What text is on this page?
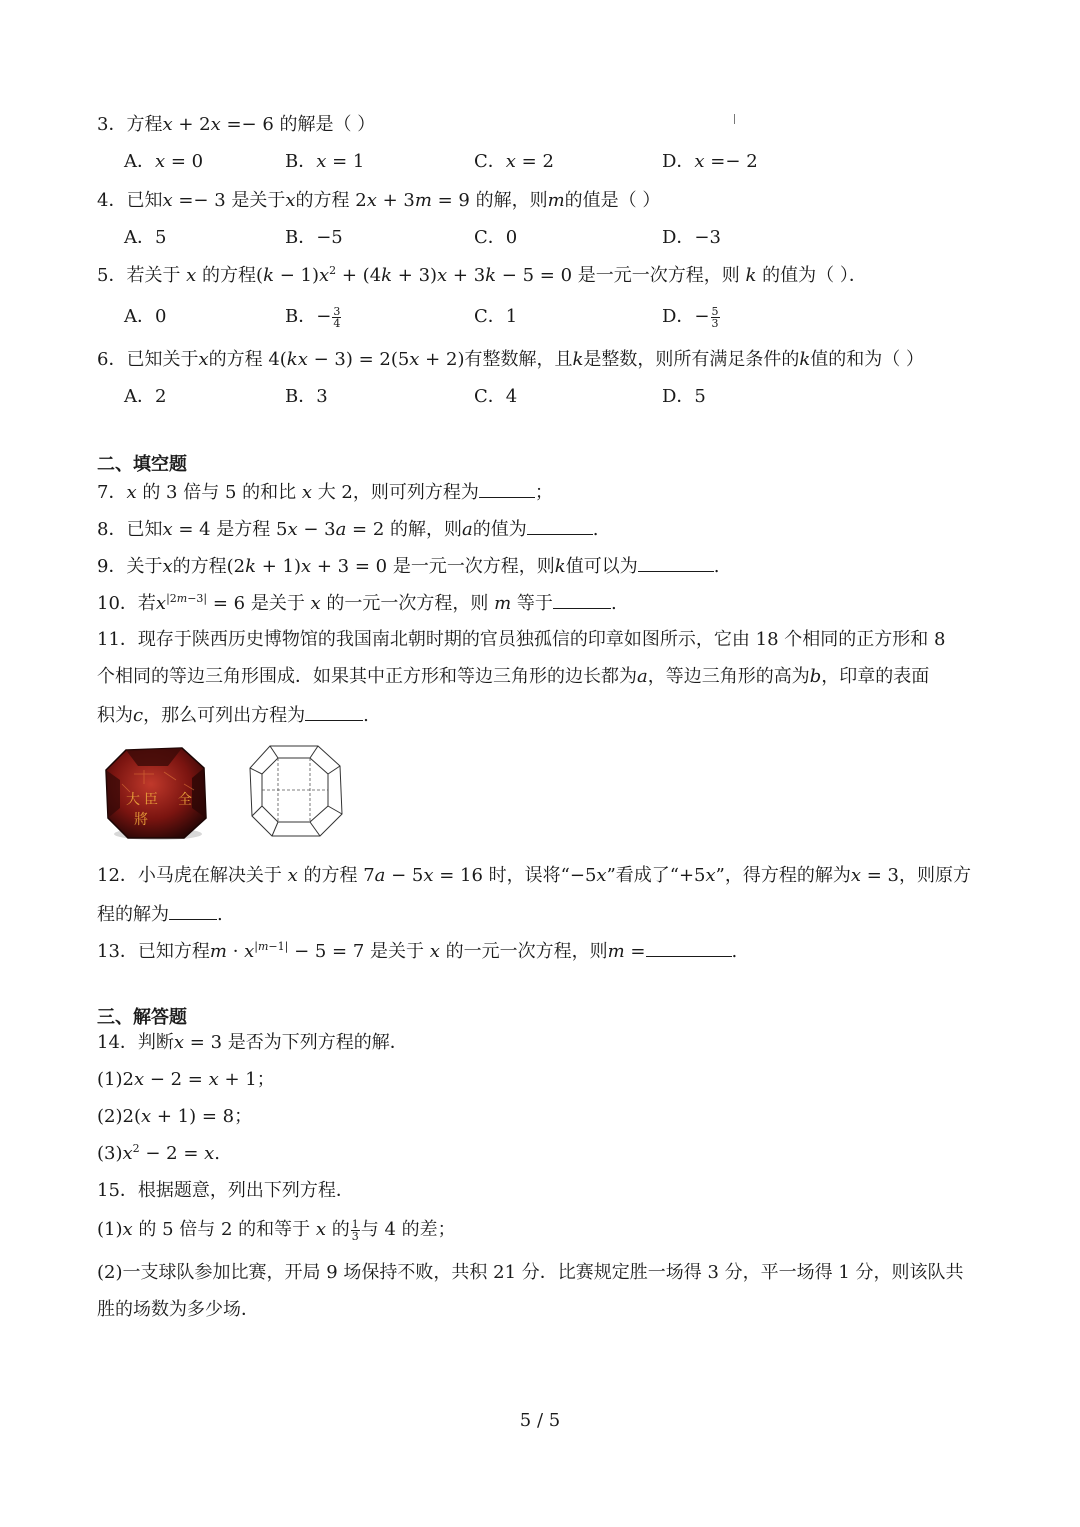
3．方程𝑥 + 2𝑥 =− 6 的解是（ ）
A．𝑥 = 0	B．𝑥 = 1	C．𝑥 = 2	D．𝑥 =− 2
4．已知𝑥 =− 3 是关于𝑥的方程 2𝑥 + 3𝑚 = 9 的解，则𝑚的值是（ ）
A．5	B．−5	C．0	D．−3
5．若关于 𝑥 的方程(𝑘 − 1)𝑥$^2$ + (4𝑘 + 3)𝑥 + 3𝑘 − 5 = 0 是一元一次方程，则 𝑘 的值为（ ）．
A．0	B．− $\frac{3}{4}$	C．1	D．− $\frac{5}{3}$
6．已知关于𝑥的方程 4(𝑘𝑥 − 3) = 2(5𝑥 + 2)有整数解，且𝑘是整数，则所有满足条件的𝑘值的和为（ ）
A．2	B．3	C．4	D．5
二、填空题
7．𝑥 的 3 倍与 5 的和比 𝑥 大 2，则可列方程为	；
8．已知𝑥 = 4 是方程 5𝑥 − 3𝑎 = 2 的解，则𝑎的值为	.
9．关于𝑥的方程(2𝑘 + 1)𝑥 + 3 = 0 是一元一次方程，则𝑘值可以为	.
10．若𝑥$^{|2𝑚-3|}$ = 6 是关于 𝑥 的一元一次方程，则 𝑚 等于	.
11．现存于陕西历史博物馆的我国南北朝时期的官员独孤信的印章如图所示，它由 18 个相同的正方形和 8
个相同的等边三角形围成．如果其中正方形和等边三角形的边长都为𝑎，等边三角形的高为𝑏，印章的表面
积为𝑐，那么可列出方程为	.
大 臣
將
全
12．小马虎在解决关于 𝑥 的方程 7𝑎 − 5𝑥 = 16 时，误将“−5𝑥”看成了“+5𝑥”，得方程的解为𝑥 = 3，则原方
程的解为	.
13．已知方程𝑚 · 𝑥$^{|𝑚-1|}$ − 5 = 7 是关于 𝑥 的一元一次方程，则𝑚 =	.
三、解答题
14．判断𝑥 = 3 是否为下列方程的解．
(1)2𝑥 − 2 = 𝑥 + 1；
(2)2(𝑥 + 1) = 8；
(3)𝑥$^2$ − 2 = 𝑥.
15．根据题意，列出下列方程．
(1)𝑥 的 5 倍与 2 的和等于 𝑥 的 $\frac{1}{3}$ 与 4 的差；
(2)一支球队参加比赛，开局 9 场保持不败，共积 21 分．比赛规定胜一场得 3 分，平一场得 1 分，则该队共
胜的场数为多少场．
5 / 5
